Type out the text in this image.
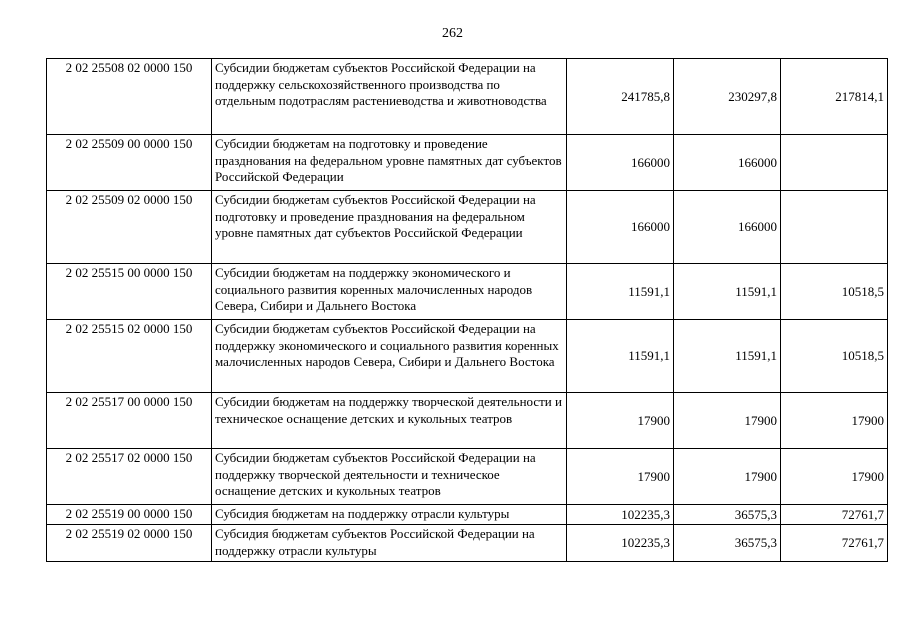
262
2 02 25508 02 0000 150	Субсидии бюджетам субъектов Российской Федерации на поддержку сельскохозяйственного производства по отдельным подотраслям растениеводства и животноводства	241785,8	230297,8	217814,1
2 02 25509 00 0000 150	Субсидии бюджетам на подготовку и проведение празднования на федеральном уровне памятных дат субъектов Российской Федерации	166000	166000	
2 02 25509 02 0000 150	Субсидии бюджетам субъектов Российской Федерации на подготовку и проведение празднования на федеральном уровне памятных дат субъектов Российской Федерации	166000	166000	
2 02 25515 00 0000 150	Субсидии бюджетам на поддержку экономического и социального развития коренных малочисленных народов Севера, Сибири и Дальнего Востока	11591,1	11591,1	10518,5
2 02 25515 02 0000 150	Субсидии бюджетам субъектов Российской Федерации на поддержку экономического и социального развития коренных малочисленных народов Севера, Сибири и Дальнего Востока	11591,1	11591,1	10518,5
2 02 25517 00 0000 150	Субсидии бюджетам на поддержку творческой деятельности и техническое оснащение детских и кукольных театров	17900	17900	17900
2 02 25517 02 0000 150	Субсидии бюджетам субъектов Российской Федерации на поддержку творческой деятельности и техническое оснащение детских и кукольных театров	17900	17900	17900
2 02 25519 00 0000 150	Субсидия бюджетам на поддержку отрасли культуры	102235,3	36575,3	72761,7
2 02 25519 02 0000 150	Субсидия бюджетам субъектов Российской Федерации на поддержку отрасли культуры	102235,3	36575,3	72761,7
